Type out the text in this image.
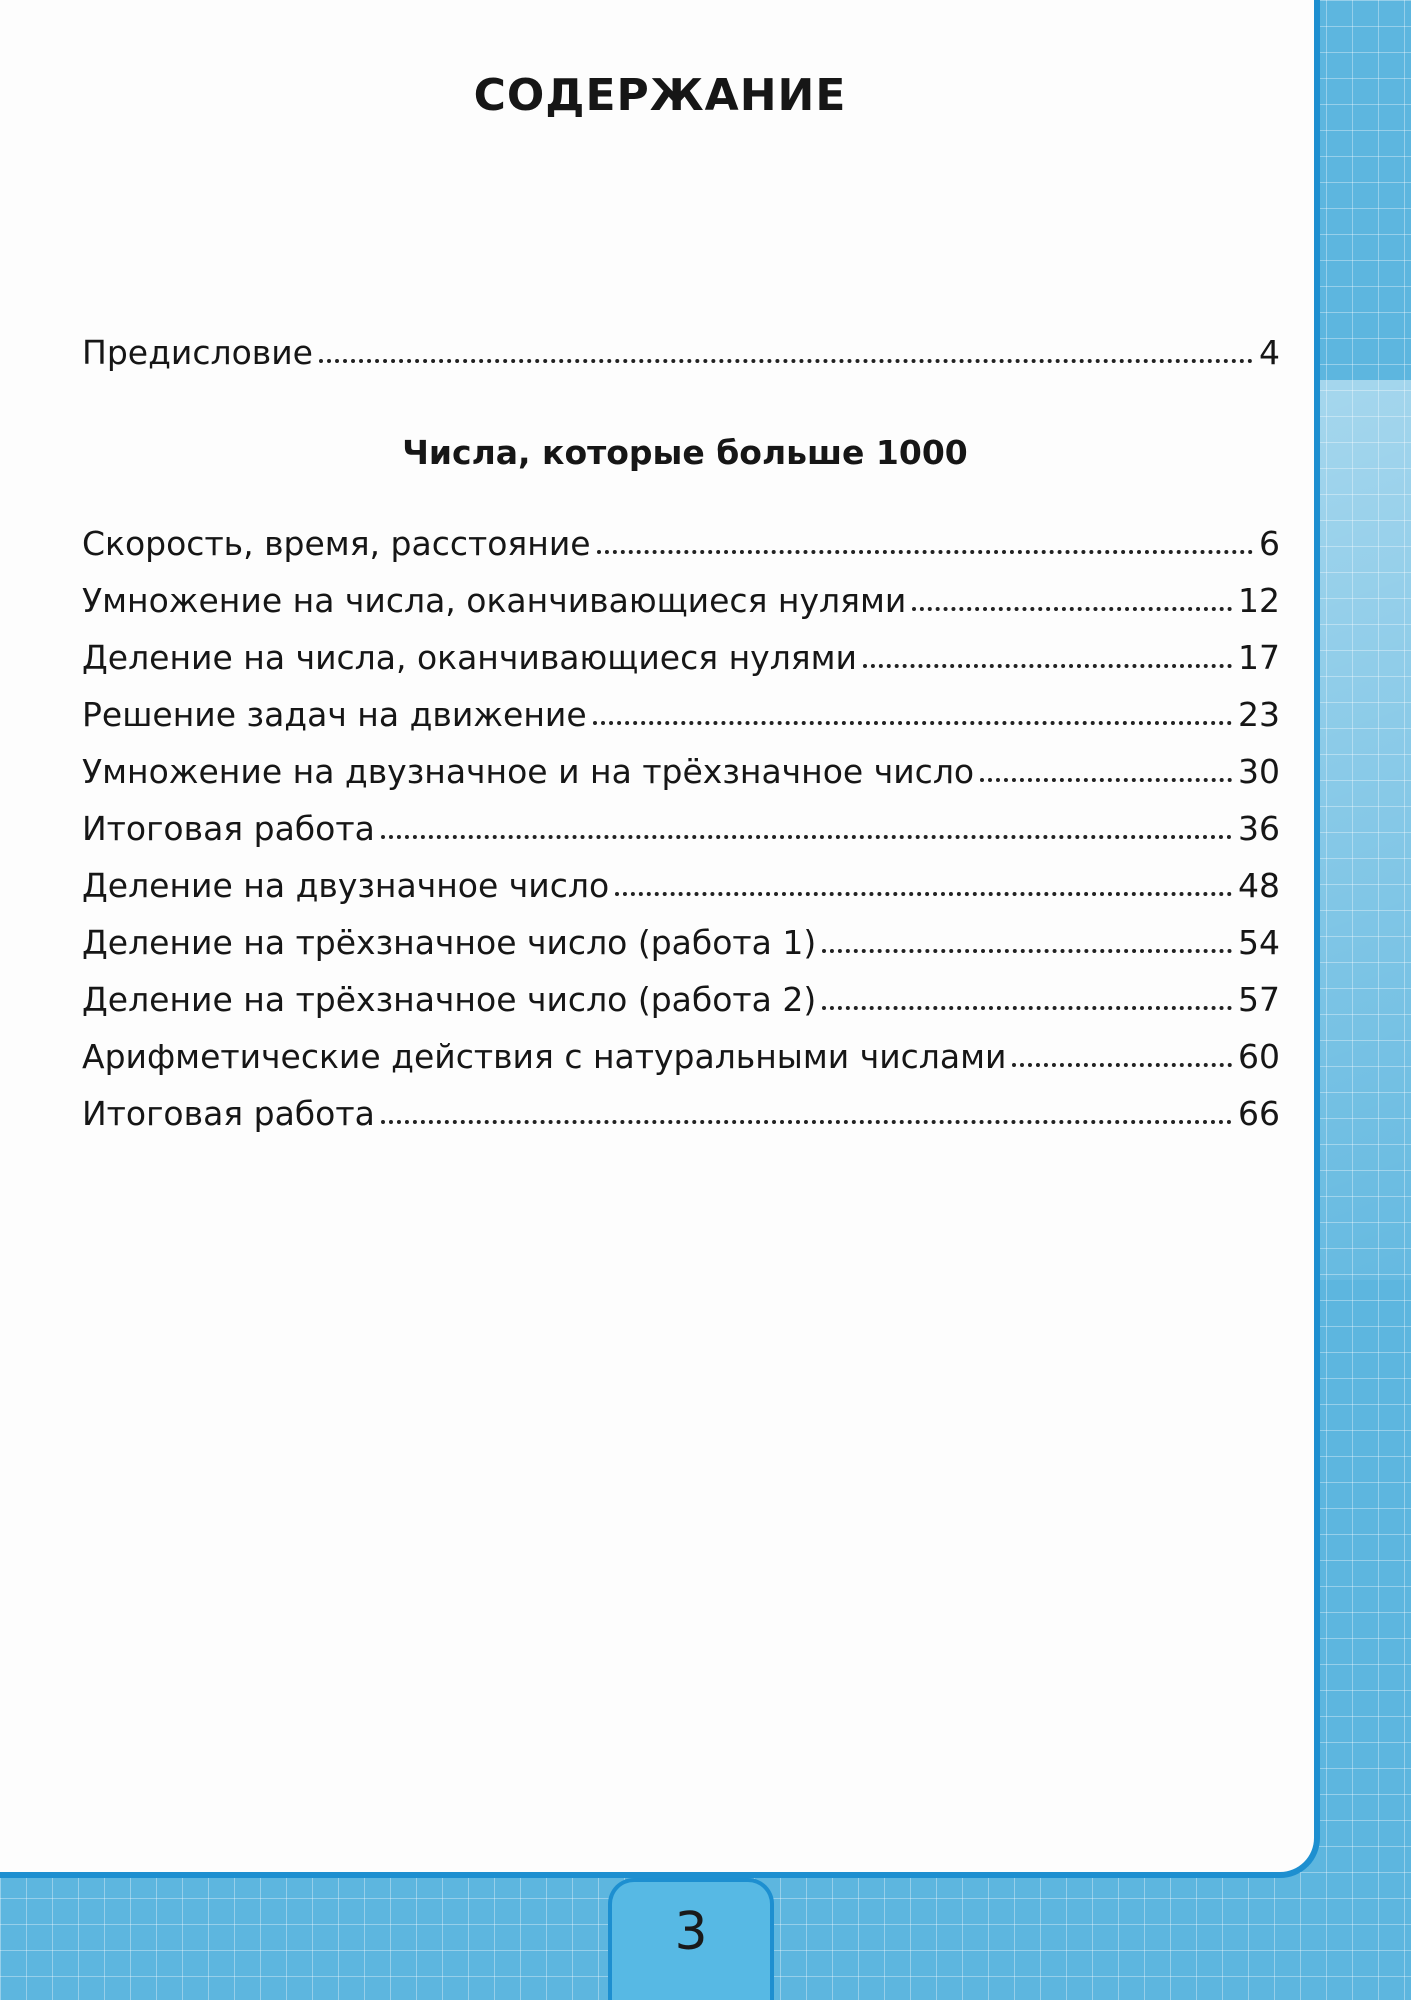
СОДЕРЖАНИЕ
Предисловие	4
Числа, которые больше 1000
Скорость, время, расстояние	6
Умножение на числа, оканчивающиеся нулями	12
Деление на числа, оканчивающиеся нулями	17
Решение задач на движение	23
Умножение на двузначное и на трёхзначное число	30
Итоговая работа	36
Деление на двузначное число	48
Деление на трёхзначное число (работа 1)	54
Деление на трёхзначное число (работа 2)	57
Арифметические действия с натуральными числами	60
Итоговая работа	66
3
